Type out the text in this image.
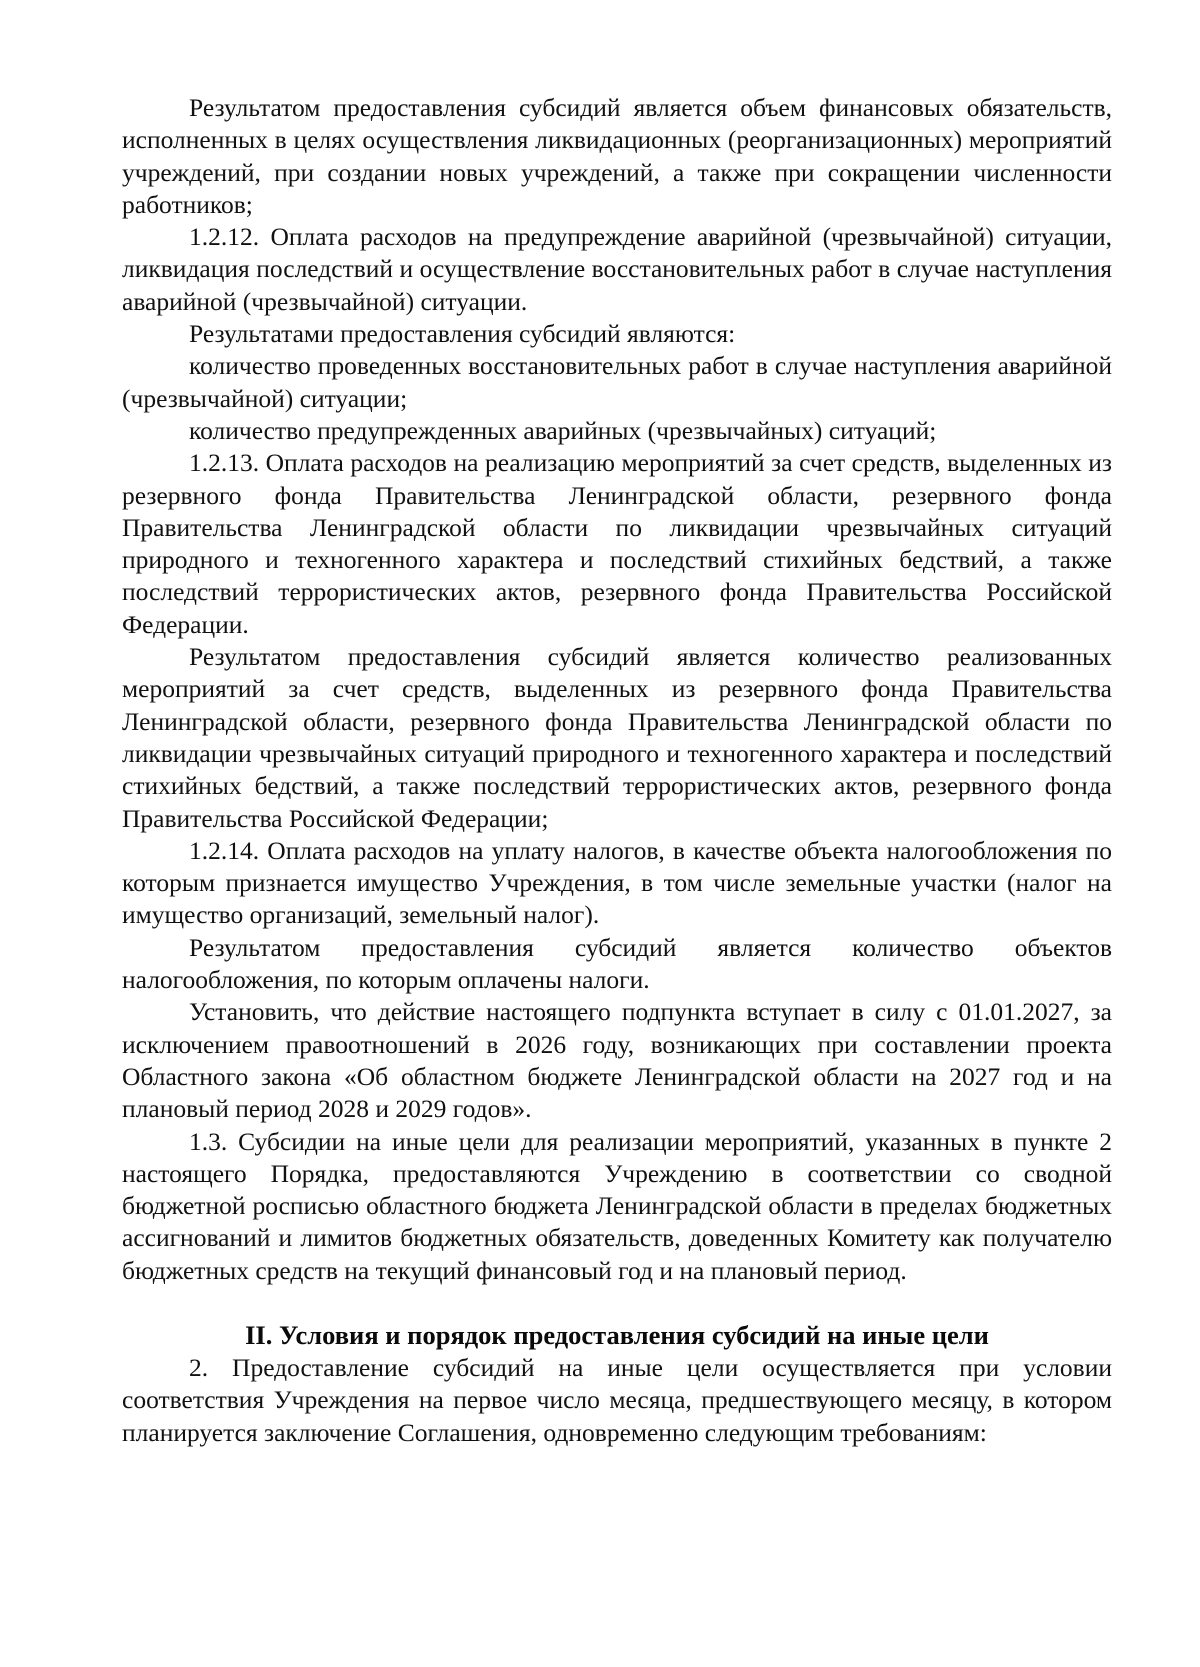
Результатом предоставления субсидий является объем финансовых обязательств, исполненных в целях осуществления ликвидационных (реорганизационных) мероприятий учреждений, при создании новых учреждений, а также при сокращении численности работников;

1.2.12. Оплата расходов на предупреждение аварийной (чрезвычайной) ситуации, ликвидация последствий и осуществление восстановительных работ в случае наступления аварийной (чрезвычайной) ситуации.

Результатами предоставления субсидий являются:

количество проведенных восстановительных работ в случае наступления аварийной (чрезвычайной) ситуации;

количество предупрежденных аварийных (чрезвычайных) ситуаций;

1.2.13. Оплата расходов на реализацию мероприятий за счет средств, выделенных из резервного фонда Правительства Ленинградской области, резервного фонда Правительства Ленинградской области по ликвидации чрезвычайных ситуаций природного и техногенного характера и последствий стихийных бедствий, а также последствий террористических актов, резервного фонда Правительства Российской Федерации.

Результатом предоставления субсидий является количество реализованных мероприятий за счет средств, выделенных из резервного фонда Правительства Ленинградской области, резервного фонда Правительства Ленинградской области по ликвидации чрезвычайных ситуаций природного и техногенного характера и последствий стихийных бедствий, а также последствий террористических актов, резервного фонда Правительства Российской Федерации;

1.2.14. Оплата расходов на уплату налогов, в качестве объекта налогообложения по которым признается имущество Учреждения, в том числе земельные участки (налог на имущество организаций, земельный налог).

Результатом предоставления субсидий является количество объектов налогообложения, по которым оплачены налоги.

Установить, что действие настоящего подпункта вступает в силу с 01.01.2027, за исключением правоотношений в 2026 году, возникающих при составлении проекта Областного закона «Об областном бюджете Ленинградской области на 2027 год и на плановый период 2028 и 2029 годов».

1.3. Субсидии на иные цели для реализации мероприятий, указанных в пункте 2 настоящего Порядка, предоставляются Учреждению в соответствии со сводной бюджетной росписью областного бюджета Ленинградской области в пределах бюджетных ассигнований и лимитов бюджетных обязательств, доведенных Комитету как получателю бюджетных средств на текущий финансовый год и на плановый период.

II. Условия и порядок предоставления субсидий на иные цели

2. Предоставление субсидий на иные цели осуществляется при условии соответствия Учреждения на первое число месяца, предшествующего месяцу, в котором планируется заключение Соглашения, одновременно следующим требованиям:
